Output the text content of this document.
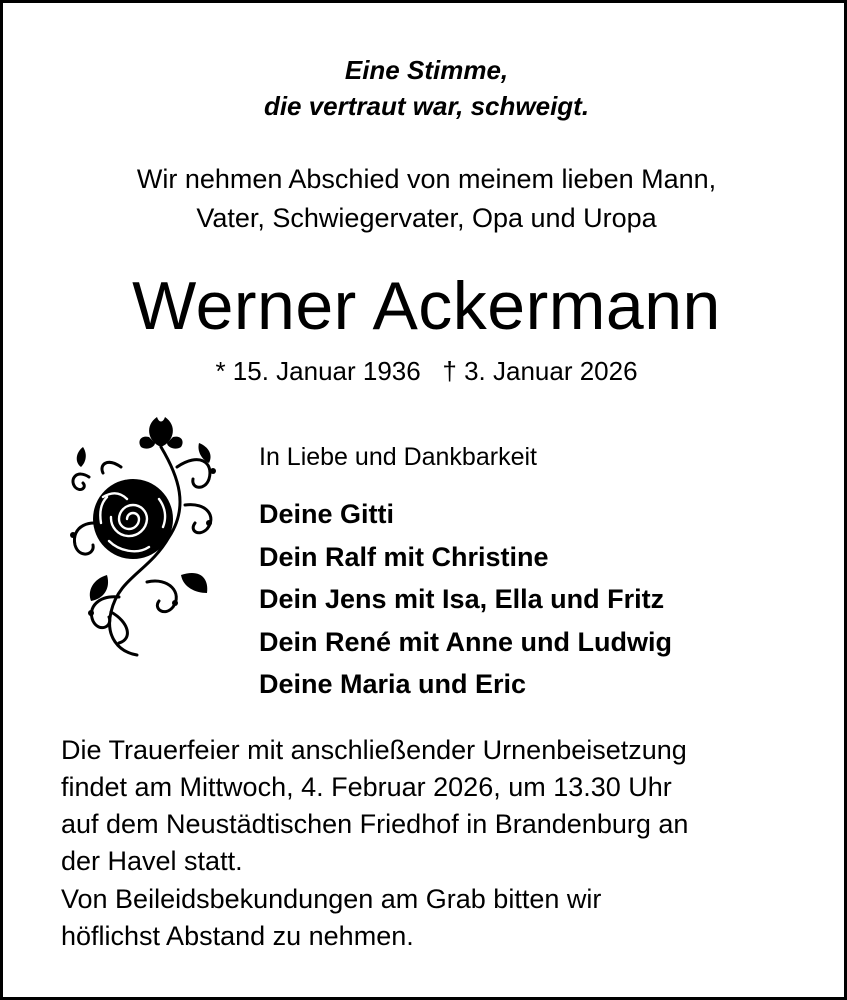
Eine Stimme,
die vertraut war, schweigt.
Wir nehmen Abschied von meinem lieben Mann,
Vater, Schwiegervater, Opa und Uropa
Werner Ackermann
* 15. Januar 1936   † 3. Januar 2026
In Liebe und Dankbarkeit
Deine Gitti
Dein Ralf mit Christine
Dein Jens mit Isa, Ella und Fritz
Dein René mit Anne und Ludwig
Deine Maria und Eric
Die Trauerfeier mit anschließender Urnenbeisetzung
findet am Mittwoch, 4. Februar 2026, um 13.30 Uhr
auf dem Neustädtischen Friedhof in Brandenburg an
der Havel statt.
Von Beileidsbekundungen am Grab bitten wir
höflichst Abstand zu nehmen.
